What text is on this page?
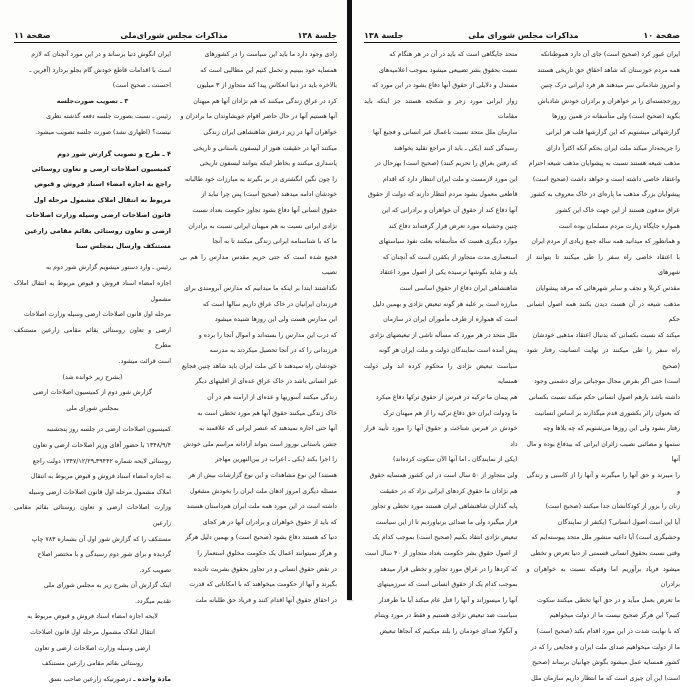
جلسة ۱۳۸
مذاکرات مجلس شورای‌ملی
صفحة ۱۱

زادی وجود دارد ما باید این سیاست را در کشورهای

همسایه خود ببینیم و تحمل کنیم این مطالبی است که

بالاخره باید در دنیا انعکاس پیدا کند متجاوز از ۳ میلیون

کرد در عراق زندگی میکنند که هم نژادان آنها هم میهنان

آنها هستیم آنها در حال حاضر اقوام خویشاوندان ما برادران و

خواهران آنها در زیر درفش شاهنشاهی ایران زندگی

میکنند آنها در حقیقت هنوز از لیسفون باستانی و تاریخی

پاسداری میکنند و بخاطر اینکه بتوانند لیسفون تاریخی

را چون نگین انگشتری در بر بگیرند به مبارزات خود طالبانه

خودشان ادامه میدهند (صحیح است) پس چرا نباید از

حقوق انسانی آنها دفاع بشود تجاوز حکومت بعداد نسبت

نژادی ایرانی نسبت به هم میهنان ایرانی نسبت به برادران

ما که با شناسنامه ایرانی زندگی میکنند تا به آنجا

فجیع شده است که حتی حریم مقدس مدارس را هم بی نصیب

نگذاشتند ابتدا بر اینکه ما میدانیم که مدارس آبرومندی برای

فرزندان ایرانیان در خاک عراق داریم سالها است که

این مدارس هست ولی این روزها شنیده میشود

که درب این مدارس را بسته‌اند و اموال آنجا را برده و

فرزندانی را که در آنجا تحصیل میکردند به مدرسه

خودشان راه نمیدهند تا کی ملت ایران باید شاهد چنین فجایع

غیر انسانی باشد در خاک عراق عده‌ای از اقلیتهای دیگر

زندگی میکنند آسوریها و عده‌ای از ارامنه هم در آن

خاک زندگی میکنند حقوق آنها هم مورد تخطی است به

آنها حتی اجازه نمیدهند که عنصر ایرانی که علاقمند به

جشن باستانی نوروز است بتواند آزادانه مراسم ملی خودش

را اجرا بکند (یکی ـ اعراب در بین‌النهرین مهاجر

هستند) این نوع مشاهدات و این نوع گزارشات بیش از هر

مسئله دیگری امروز اذهان ملت ایران را بخودش مشغول

داشته است در این مورد همه ملت ایران هم‌داستان هستند

که باید از حقوق خواهران و برادران آنها در هر کجای

دنیا که هستند دفاع بشود (صحیح است) و بهمین دلیل هرگز

و هرگز نمیتوانند اعمال یک حکومت مخلوق استعمار را

در نقض حقوق انسانی و در تجاوز بحقوق بشریت نادیده

بگیرند و آنها از حکومت میخواهند که با امکاناتی که قدرت

در احقاق حقوق آنها اقدام کنند و فریاد حق طلبانه ملت

ایران انگوش دنیا برساند و در این مورد آنچنان که لازم

است با اقدامات قاطع خودش گام بجلو بردارد (آفرین ـ

احسنت ـ صحیح است)

۳ ـ تصویب صورت‌جلسه

رئیس ـ نسبت بصورت جلسه دفعه گذشته نظری

نیست؟ (اظهاری نشد) صورت جلسه تصویب میشود.

۴ ـ طرح و تصویب گزارش شور دوم

کمیسیون اصلاحات ارضی و تعاون روستائی

راجع به اجازه امضاء اسناد فروش و قبوض

مربوط به انتقال املاک مشمول مرحله اول

قانون اصلاحات ارضی وسیله وزارت اصلاحات

ارضی و تعاون روستائی بقائم مقامی زارعین

مستنکف وارسال بمجلس سنا

رئیس ـ وارد دستور میشویم گزارش شور دوم به

اجازه امضاء اسناد فروش و قبوض مربوط به انتقال املاک مشمول

مرحله اول قانون اصلاحات ارضی وسیله وزارت اصلاحات

ارضی و تعاون روستائی بقائم مقامی زارعین مستنکف مطرح

است قرائت میشود.

(بشرح زیر خوانده شد)

گزارش شور دوم از کمیسیون اصلاحات ارضی

بمجلس شورای ملی

کمیسیون اصلاحات ارضی در جلسه روز پنجشنبه

۱۳۴۸/۹/۴ با حضور آقای وزیر اصلاحات ارضی و تعاون

روستائی لایحه شماره ۳۹۴۴۲ـ۱۳۴۷/۱۲/۲۹ دولت راجع

به اجازه امضاء اسناد فروش و قبوض مربوط به انتقال

املاک مشمول مرحله اول قانون اصلاحات ارضی وسیله

وزارت اصلاحات ارضی و تعاون روستائی بقائم مقامی زارعین

مستنکف را که گزارش شور اول آن بشماره ۷۸۳ چاپ

گردیده و برای شور دوم رسیدگی و با مختصر اصلاح

تصویب کرد.

اینک گزارش آن بشرح زیر به مجلس شورای ملی

تقدیم میگردد.

لایحه اجازه امضاء اسناد فروش و قبوض مربوط به

انتقال املاک مشمول مرحله اول قانون اصلاحات

ارضی وسیله وزارت اصلاحات ارضی و تعاون

روستائی بقائم مقامی زارعین مستنکف

مادة واحده ـ درصورتیکه زارعین صاحب نسق

صفحة ۱۰
مذاکرات مجلس شورای ملی
جلسة ۱۳۸

ایران عبور کرد (صحیح است) جای آن دارد هموطنانکه

همه مردم خوزستان که شاهد احقاق حق تاریخی هستند

و امروز شادمانی سر میدهند هر فرد ایرانی درک چنین

روزخجسته‌ای را بر خواهران و برادران خودش شادباش

بگوید (صحیح است) ولی متأسفانه در همین روزها

گزارشهائی میشنویم که این گزارشها قلب هر ایرانی

را جریحه‌دار میکند ملت ایران بحکم آنکه اکثراً دارای

مذهب شیعه هستند نسبت به پیشوایان مذهب شیعه احترام

واعتقاد خاصی داشته است و خواهد داشت (صحیح است)

پیشوایان بزرگ مذهب ما پاره‌ای در خاک معروف به کشور

عراق مدفون هستند از این جهت خاک این کشور

همواره جایگاه زیارت مردم مسلمان بوده است

و همانطور که میدانید همه ساله جمع زیادی از مردم ایران

با اعتقاد خاصی راه سفر را طی میکنند تا بتوانند از شهرهای

مقدس کربلا و نجف و سایر شهرهائی که مرقد پیشوایان

مذهب شیعه در آن هست دیدن بکنند همه اصول انسانی حکم

میکند که نسبت بکسانی که بدنبال اعتقاد مذهبی خودشان

راه سفر را طی میکنند در نهایت انسانیت رفتار شود (صحیح

است) حتی اگر بفرض محال موجباتی برای دشمنی وجود

داشته باشد بازهم اصول انسانی حکم میکند نسبت بکسانی

که بعنوان زائر بکشوری قدم میگذارند بر اساس انسانیت

رفتار بشود ولی این روزها می‌شنویم که چه بلاها وچه

ستمها و مصائبی نصیب زائران ایرانی که بیدفاع بوده و مال آنها

را میبرند و حق آنها را میگیرند و آنها را از کاسبی و زندگی و

زنان را بزور از کودکانشان جدا میکنند (صحیح است)

آیا این است اصول انسانی؟ (یکنفر از نمایندگان

وحشیگری است) آیا داعیه منشور ملل متحد پیوسته‌ایم که

وقتی نسبت بحقوق انسانی قسمتی از دنیا تعرض و تخطی

میشود فریاد برآوریم اما وقتیکه نسبت به خواهران و برادران

ما تعرض بعمل میآید و در حق آنها تخطی میکنند سکوت

کنیم؟ این هرگز صحیح نیست ما از دولت میخواهیم

که با نهایت شدت در این مورد اقدام بکند (صحیح است)

ما از دولت میخواهیم صدای ملت ایران و فجایعی را که در

کشور همسایه عمل میشود بگوش جهانیان برساند (صحیح

است) این آن چیزی است که ما انتظار داریم سازمان ملل

متحد جایگاهی است که باید در آن در هر هنگام که

نسبت بحقوق بشر تضییعی میشود بموجب اعلامیه‌های

مستدل و دلایلی از حقوق آنها دفاع بشود در این مورد که

زوار ایرانی مورد زجر و شکنجه هستند جز اینکه باید مقامات

سازمان ملل متحد نسبت باعمال غیر انسانی و فجیع آنها

رسیدگی کنند (یکی ـ باید از مراجع تقلید بخواهند

که رفتن بعراق را تحریم کنند) (صحیح است) بهرحال در

این مورد لازمست و ملت ایران انتظار دارد که اقدام

قاطعی معمول بشود مردم انتظار دارند که دولت از حقوق

آنها دفاع کند از حقوق آن خواهران و برادرانی که این

چنین وحشیانه مورد تعرض قرار گرفته‌اند دفاع کند

موارد دیگری هست که متأسفانه بعلت نفوذ سیاستهای

استعماری مدت متجاوز از یکقرن است که آنچنان که

باید و شاید بگوشها نرسیده یکی از اصول مورد اعتقاد

شاهنشاهی ایران دفاع از حقوق اساسی است

مبارزه است بر علیه هر گونه تبعیض نژادی و بهمین دلیل

است که همواره از طرف مأموران ایران در سازمان

ملل متحد در هر مورد که مسأله ناشی از تبعیضهای نژادی

پیش آمده است نمایندگان دولت و ملت ایران هر گونه

سیاست تبعیض نژادی را محکوم کرده اند ولی دولت همسایه

هم پیمان ما ترکیه در قبرس از حقوق ترکها دفاع میکرد

ما ودولت ایران حق دفاع ترکیه را از هم میهنان ترک

خودش در قبرس شناخت و حقوق آنها را مورد تأیید قرار داد

(یکی از نمایندگان ـ اما آنها الآن سکوت کرده‌اند)

ولی متجاوز از ۵۰ سال است در این کشور همسایه حقوق

هم نژادان ما حقوق کردهای ایرانی نژاد که در حقیقت

پایه گذاران شاهنشاهی ایران هستند مورد تخطی و تجاوز

قرار میگیرد ولی ما صدائی برنیاوردیم تا از این سیاست

تبعیض نژادی انتقاد بکنیم (صحیح است) بموجب کدام یک

از اصول حقوق بشر حکومت بغداد متجاوز از ۴۰ سال است

که کردها را در عراق مورد تجاوز و تخطی قرار میدهد

بموجب کدام یک از حقوق انسانی است که سرزمینهای

آنها را میسوزاند و آنها را قتل عام میکند آیا ما طرفدار

سیاست ضد تبعیض نژادی هستیم و فقط در مورد ویتنام

و آنگولا صدای خودمان را بلند میکنیم که آنجاها تبعیض
